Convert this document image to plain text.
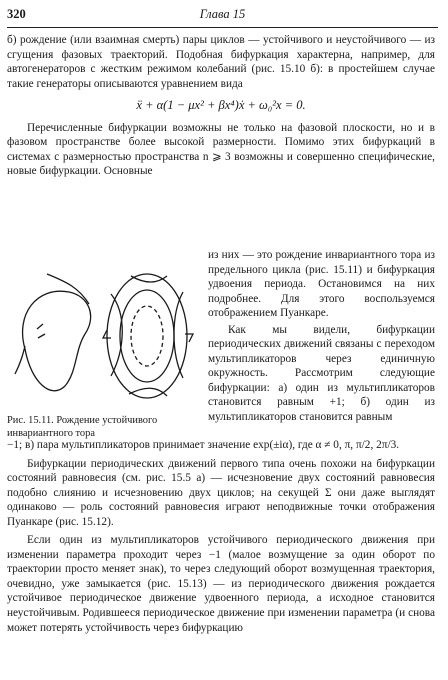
320	Глава 15

б) рождение (или взаимная смерть) пары циклов — устойчивого и неустойчивого — из сгущения фазовых траекторий. Подобная бифуркация характерна, например, для автогенераторов с жестким режимом колебаний (рис. 15.10 б): в простейшем случае такие генераторы описываются уравнением вида

ẍ + α(1 − μx² + βx⁴)ẋ + ω₀²x = 0.

Перечисленные бифуркации возможны не только на фазовой плоскости, но и в фазовом пространстве более высокой размерности. Помимо этих бифуркаций в системах с размерностью пространства n ⩾ 3 возможны и совершенно специфические, новые бифуркации. Основные

Рис. 15.11. Рождение устойчивого инвариантного тора

из них — это рождение инвариантного тора из предельного цикла (рис. 15.11) и бифуркация удвоения периода. Остановимся на них подробнее. Для этого воспользуемся отображением Пуанкаре.

Как мы видели, бифуркации периодических движений связаны с переходом мультипликаторов через единичную окружность. Рассмотрим следующие бифуркации: а) один из мультипликаторов становится равным +1; б) один из мультипликаторов становится равным

−1; в) пара мультипликаторов принимает значение exp(±iα), где α ≠ 0, π, π/2, 2π/3.

Бифуркации периодических движений первого типа очень похожи на бифуркации состояний равновесия (см. рис. 15.5 а) — исчезновение двух состояний равновесия подобно слиянию и исчезновению двух циклов; на секущей Σ они даже выглядят одинаково — роль состояний равновесия играют неподвижные точки отображения Пуанкаре (рис. 15.12).

Если один из мультипликаторов устойчивого периодического движения при изменении параметра проходит через −1 (малое возмущение за один оборот по траектории просто меняет знак), то через следующий оборот возмущенная траектория, очевидно, уже замыкается (рис. 15.13) — из периодического движения рождается устойчивое периодическое движение удвоенного периода, а исходное становится неустойчивым. Родившееся периодическое движение при изменении параметра (и снова может потерять устойчивость через бифуркацию
